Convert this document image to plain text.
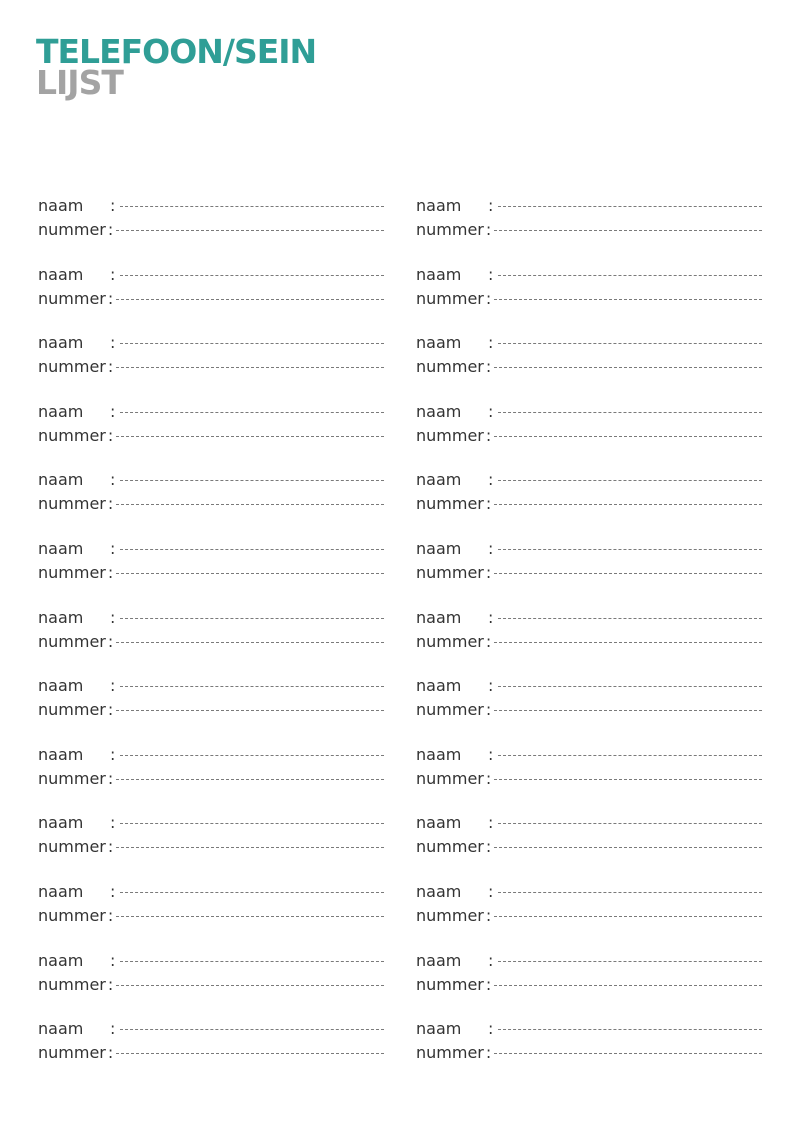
TELEFOON/SEIN
LIJST
naam	:
nummer :
naam	:
nummer :
naam	:
nummer :
naam	:
nummer :
naam	:
nummer :
naam	:
nummer :
naam	:
nummer :
naam	:
nummer :
naam	:
nummer :
naam	:
nummer :
naam	:
nummer :
naam	:
nummer :
naam	:
nummer :
naam	:
nummer :
naam	:
nummer :
naam	:
nummer :
naam	:
nummer :
naam	:
nummer :
naam	:
nummer :
naam	:
nummer :
naam	:
nummer :
naam	:
nummer :
naam	:
nummer :
naam	:
nummer :
naam	:
nummer :
naam	:
nummer :
